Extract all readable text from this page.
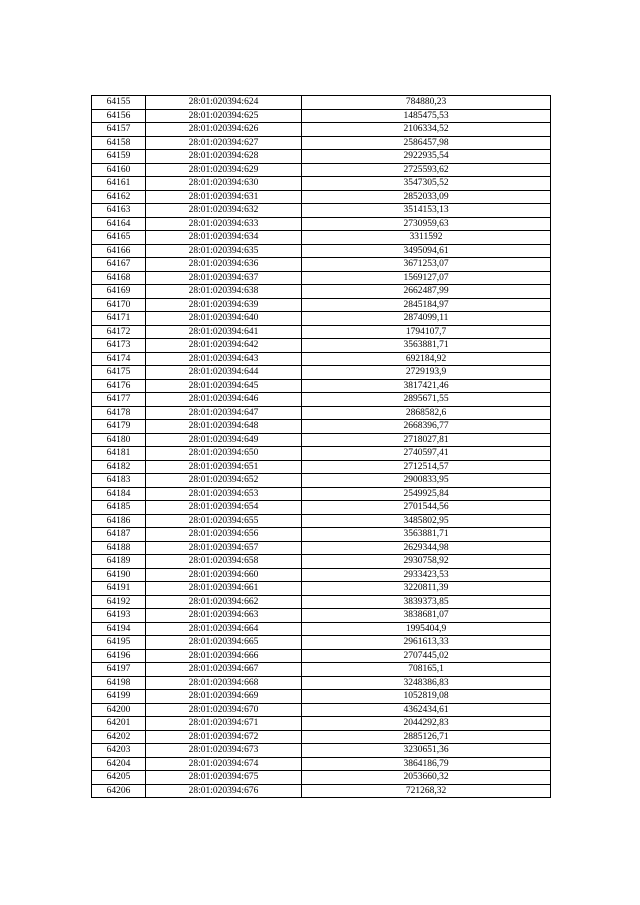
64155	28:01:020394:624	784880,23
64156	28:01:020394:625	1485475,53
64157	28:01:020394:626	2106334,52
64158	28:01:020394:627	2586457,98
64159	28:01:020394:628	2922935,54
64160	28:01:020394:629	2725593,62
64161	28:01:020394:630	3547305,52
64162	28:01:020394:631	2852033,09
64163	28:01:020394:632	3514153,13
64164	28:01:020394:633	2730959,63
64165	28:01:020394:634	3311592
64166	28:01:020394:635	3495094,61
64167	28:01:020394:636	3671253,07
64168	28:01:020394:637	1569127,07
64169	28:01:020394:638	2662487,99
64170	28:01:020394:639	2845184,97
64171	28:01:020394:640	2874099,11
64172	28:01:020394:641	1794107,7
64173	28:01:020394:642	3563881,71
64174	28:01:020394:643	692184,92
64175	28:01:020394:644	2729193,9
64176	28:01:020394:645	3817421,46
64177	28:01:020394:646	2895671,55
64178	28:01:020394:647	2868582,6
64179	28:01:020394:648	2668396,77
64180	28:01:020394:649	2718027,81
64181	28:01:020394:650	2740597,41
64182	28:01:020394:651	2712514,57
64183	28:01:020394:652	2900833,95
64184	28:01:020394:653	2549925,84
64185	28:01:020394:654	2701544,56
64186	28:01:020394:655	3485802,95
64187	28:01:020394:656	3563881,71
64188	28:01:020394:657	2629344,98
64189	28:01:020394:658	2930758,92
64190	28:01:020394:660	2933423,53
64191	28:01:020394:661	3220811,39
64192	28:01:020394:662	3839373,85
64193	28:01:020394:663	3838681,07
64194	28:01:020394:664	1995404,9
64195	28:01:020394:665	2961613,33
64196	28:01:020394:666	2707445,02
64197	28:01:020394:667	708165,1
64198	28:01:020394:668	3248386,83
64199	28:01:020394:669	1052819,08
64200	28:01:020394:670	4362434,61
64201	28:01:020394:671	2044292,83
64202	28:01:020394:672	2885126,71
64203	28:01:020394:673	3230651,36
64204	28:01:020394:674	3864186,79
64205	28:01:020394:675	2053660,32
64206	28:01:020394:676	721268,32
